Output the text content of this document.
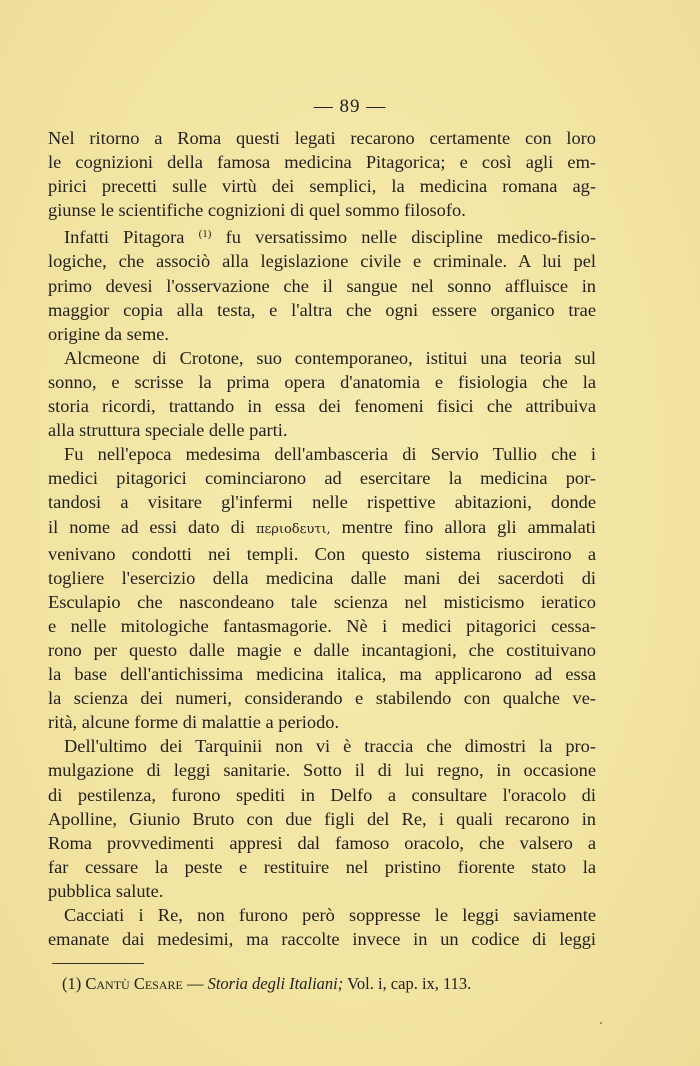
— 89 —
Nel ritorno a Roma questi legati recarono certamente con loro
le cognizioni della famosa medicina Pitagorica; e così agli em-
pirici precetti sulle virtù dei semplici, la medicina romana ag-
giunse le scientifiche cognizioni di quel sommo filosofo.
Infatti Pitagora $^{(1)}$ fu versatissimo nelle discipline medico-fisio-
logiche, che associò alla legislazione civile e criminale. A lui pel
primo devesi l'osservazione che il sangue nel sonno affluisce in
maggior copia alla testa, e l'altra che ogni essere organico trae
origine da seme.
Alcmeone di Crotone, suo contemporaneo, istitui una teoria sul
sonno, e scrisse la prima opera d'anatomia e fisiologia che la
storia ricordi, trattando in essa dei fenomeni fisici che attribuiva
alla struttura speciale delle parti.
Fu nell'epoca medesima dell'ambasceria di Servio Tullio che i
medici pitagorici cominciarono ad esercitare la medicina por-
tandosi a visitare gl'infermi nelle rispettive abitazioni, donde
il nome ad essi dato di περιοδευτι, mentre fino allora gli ammalati
venivano condotti nei templi. Con questo sistema riuscirono a
togliere l'esercizio della medicina dalle mani dei sacerdoti di
Esculapio che nascondeano tale scienza nel misticismo ieratico
e nelle mitologiche fantasmagorie. Nè i medici pitagorici cessa-
rono per questo dalle magie e dalle incantagioni, che costituivano
la base dell'antichissima medicina italica, ma applicarono ad essa
la scienza dei numeri, considerando e stabilendo con qualche ve-
rità, alcune forme di malattie a periodo.
Dell'ultimo dei Tarquinii non vi è traccia che dimostri la pro-
mulgazione di leggi sanitarie. Sotto il di lui regno, in occasione
di pestilenza, furono spediti in Delfo a consultare l'oracolo di
Apolline, Giunio Bruto con due figli del Re, i quali recarono in
Roma provvedimenti appresi dal famoso oracolo, che valsero a
far cessare la peste e restituire nel pristino fiorente stato la
pubblica salute.
Cacciati i Re, non furono però soppresse le leggi saviamente
emanate dai medesimi, ma raccolte invece in un codice di leggi
(1) Cantù Cesare — Storia degli Italiani; Vol. i, cap. ix, 113.
